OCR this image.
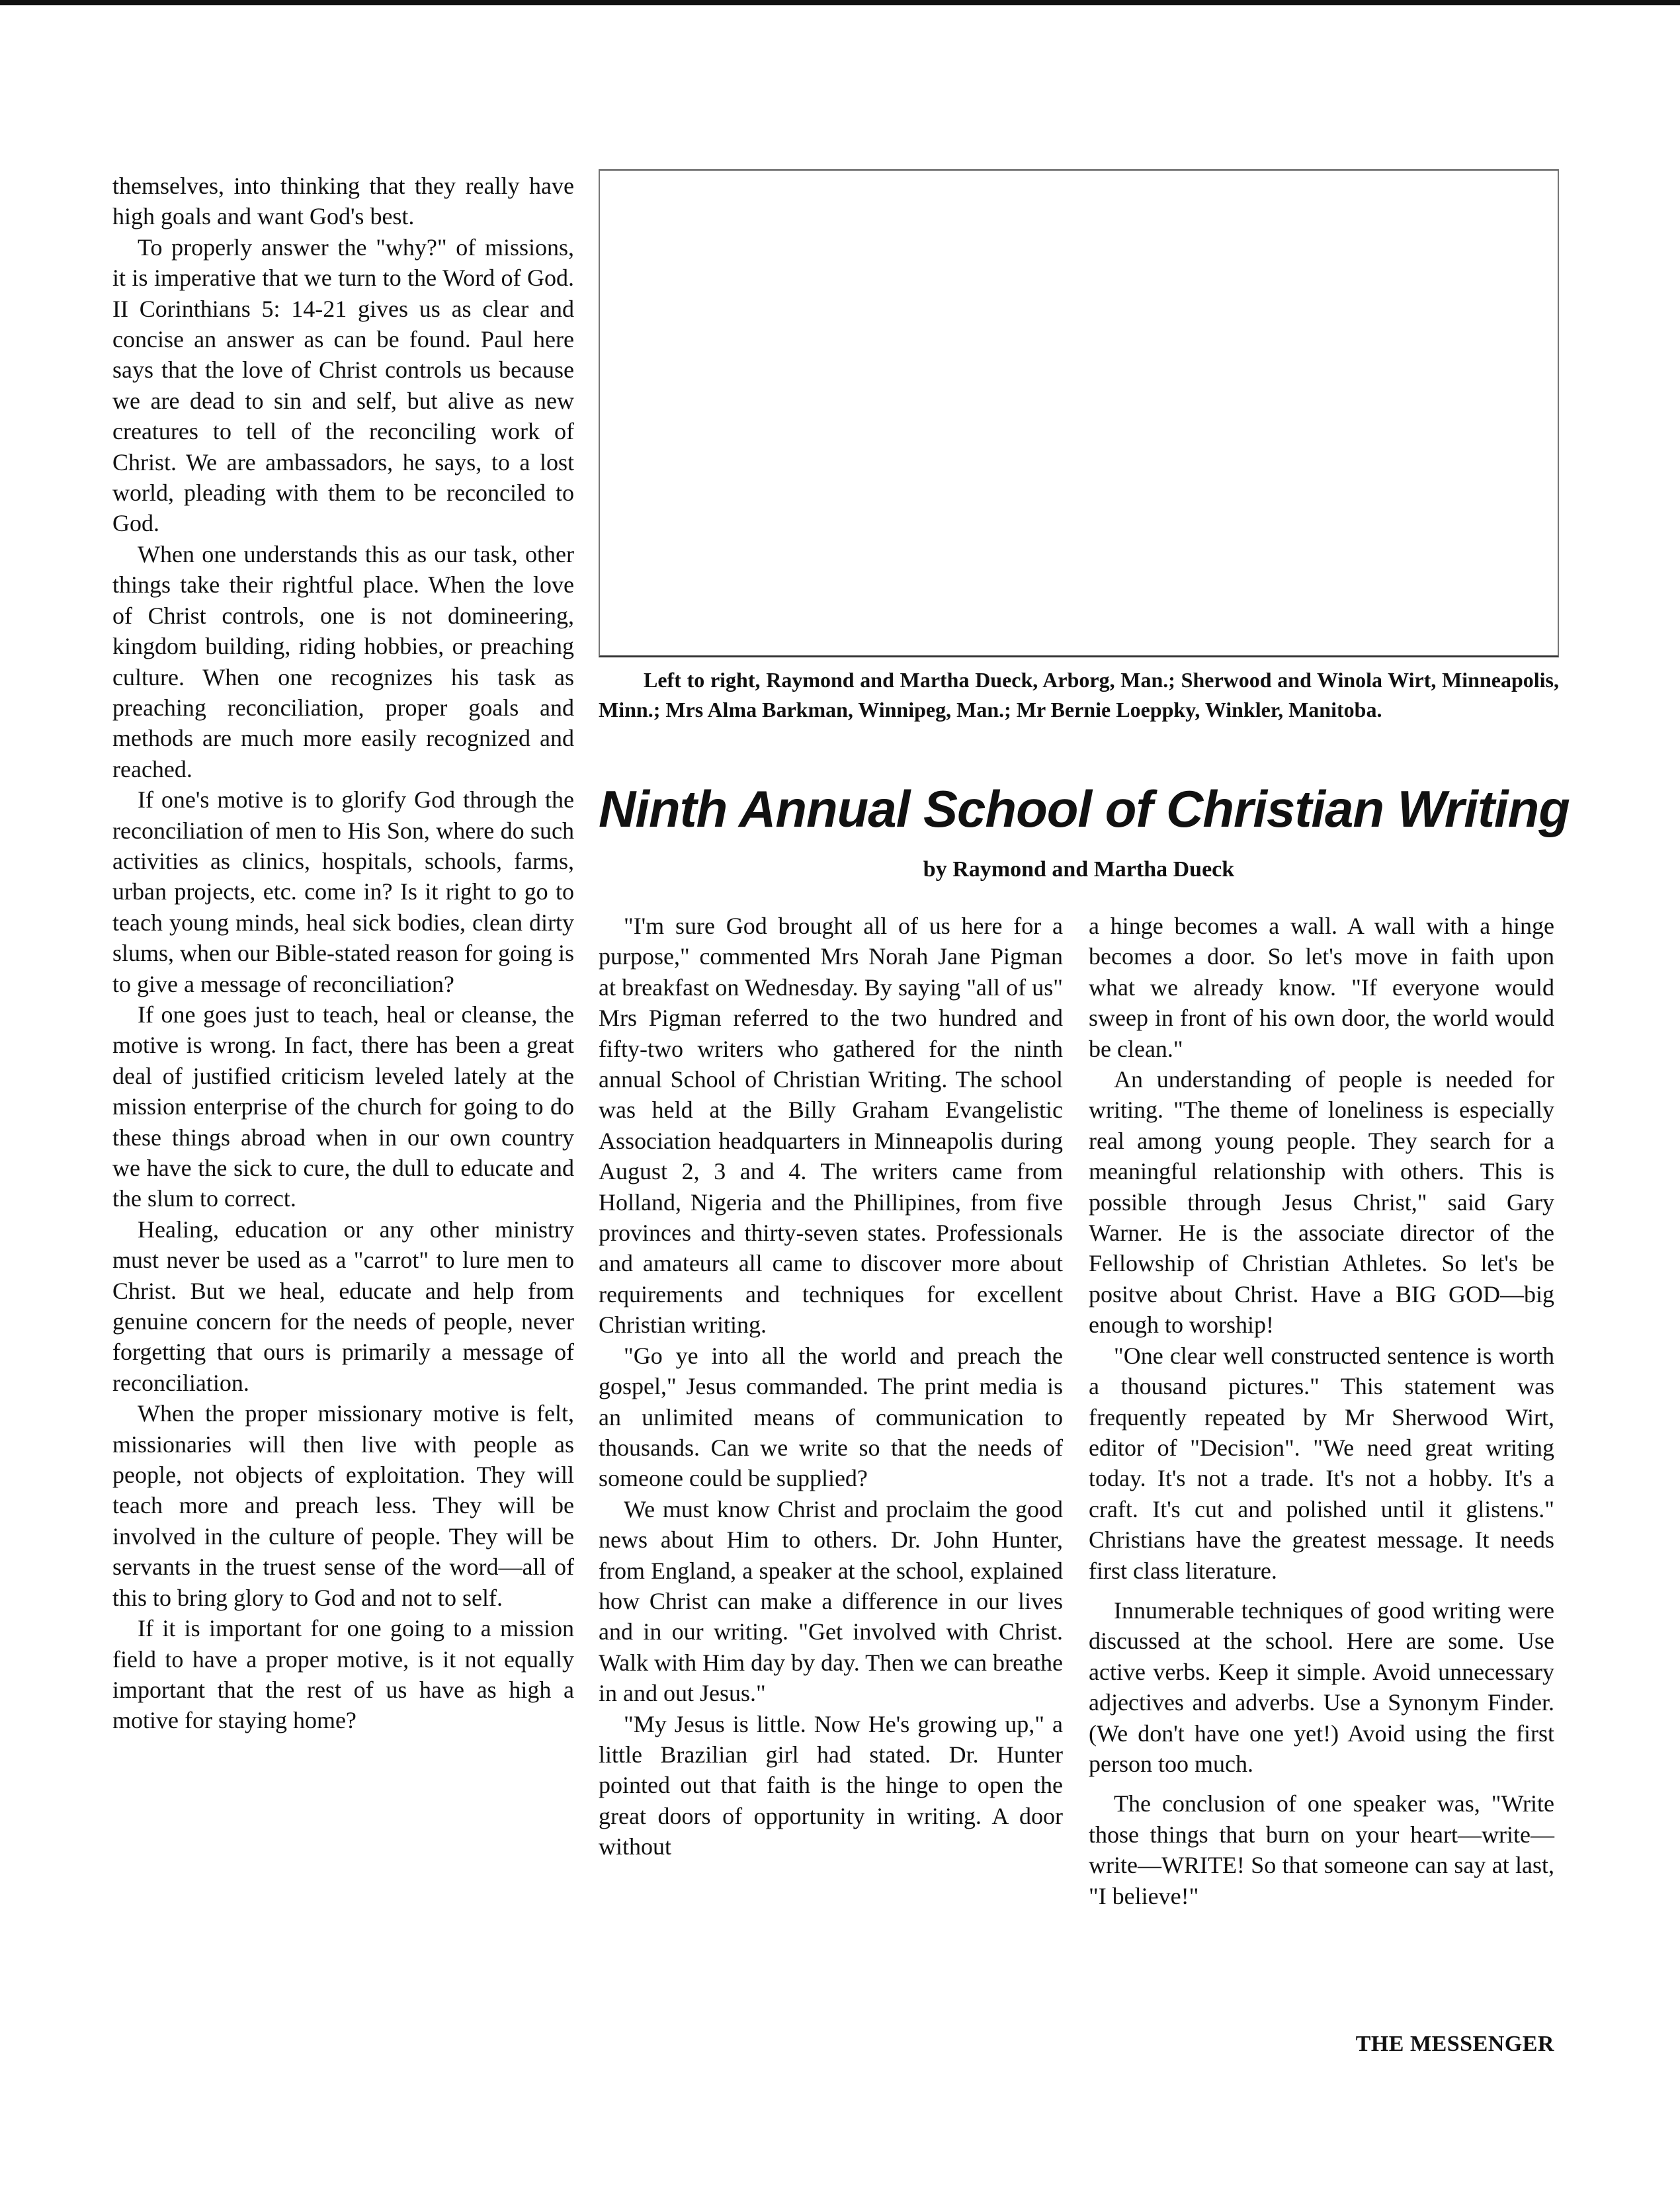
themselves, into thinking that they really have high goals and want God's best.

To properly answer the "why?" of missions, it is imperative that we turn to the Word of God. II Corinthians 5: 14-21 gives us as clear and concise an answer as can be found. Paul here says that the love of Christ controls us because we are dead to sin and self, but alive as new creatures to tell of the reconciling work of Christ. We are ambassadors, he says, to a lost world, pleading with them to be reconciled to God.

When one understands this as our task, other things take their rightful place. When the love of Christ controls, one is not domineering, kingdom building, riding hobbies, or preaching culture. When one recognizes his task as preaching reconciliation, proper goals and methods are much more easily recognized and reached.

If one's motive is to glorify God through the reconciliation of men to His Son, where do such activities as clinics, hospitals, schools, farms, urban projects, etc. come in? Is it right to go to teach young minds, heal sick bodies, clean dirty slums, when our Bible-stated reason for going is to give a message of reconciliation?

If one goes just to teach, heal or cleanse, the motive is wrong. In fact, there has been a great deal of justified criticism leveled lately at the mission enterprise of the church for going to do these things abroad when in our own country we have the sick to cure, the dull to educate and the slum to correct.

Healing, education or any other ministry must never be used as a "carrot" to lure men to Christ. But we heal, educate and help from genuine concern for the needs of people, never forgetting that ours is primarily a message of reconciliation.

When the proper missionary motive is felt, missionaries will then live with people as people, not objects of exploitation. They will teach more and preach less. They will be involved in the culture of people. They will be servants in the truest sense of the word—all of this to bring glory to God and not to self.

If it is important for one going to a mission field to have a proper motive, is it not equally important that the rest of us have as high a motive for staying home?

Left to right, Raymond and Martha Dueck, Arborg, Man.; Sherwood and Winola Wirt, Minneapolis, Minn.; Mrs Alma Barkman, Winnipeg, Man.; Mr Bernie Loeppky, Winkler, Manitoba.
Ninth Annual School of Christian Writing
by Raymond and Martha Dueck

"I'm sure God brought all of us here for a purpose," commented Mrs Norah Jane Pigman at breakfast on Wednesday. By saying "all of us" Mrs Pigman referred to the two hundred and fifty-two writers who gathered for the ninth annual School of Christian Writing. The school was held at the Billy Graham Evangelistic Association headquarters in Minneapolis during August 2, 3 and 4. The writers came from Holland, Nigeria and the Phillipines, from five provinces and thirty-seven states. Professionals and amateurs all came to discover more about requirements and techniques for excellent Christian writing.

"Go ye into all the world and preach the gospel," Jesus commanded. The print media is an unlimited means of communication to thousands. Can we write so that the needs of someone could be supplied?

We must know Christ and proclaim the good news about Him to others. Dr. John Hunter, from England, a speaker at the school, explained how Christ can make a difference in our lives and in our writing. "Get involved with Christ. Walk with Him day by day. Then we can breathe in and out Jesus."

"My Jesus is little. Now He's growing up," a little Brazilian girl had stated. Dr. Hunter pointed out that faith is the hinge to open the great doors of opportunity in writing. A door without

a hinge becomes a wall. A wall with a hinge becomes a door. So let's move in faith upon what we already know. "If everyone would sweep in front of his own door, the world would be clean."

An understanding of people is needed for writing. "The theme of loneliness is especially real among young people. They search for a meaningful relationship with others. This is possible through Jesus Christ," said Gary Warner. He is the associate director of the Fellowship of Christian Athletes. So let's be positve about Christ. Have a BIG GOD—big enough to worship!

"One clear well constructed sentence is worth a thousand pictures." This statement was frequently repeated by Mr Sherwood Wirt, editor of "Decision". "We need great writing today. It's not a trade. It's not a hobby. It's a craft. It's cut and polished until it glistens." Christians have the greatest message. It needs first class literature.

Innumerable techniques of good writing were discussed at the school. Here are some. Use active verbs. Keep it simple. Avoid unnecessary adjectives and adverbs. Use a Synonym Finder. (We don't have one yet!) Avoid using the first person too much.

The conclusion of one speaker was, "Write those things that burn on your heart—write—write—WRITE! So that someone can say at last, "I believe!"

THE MESSENGER
